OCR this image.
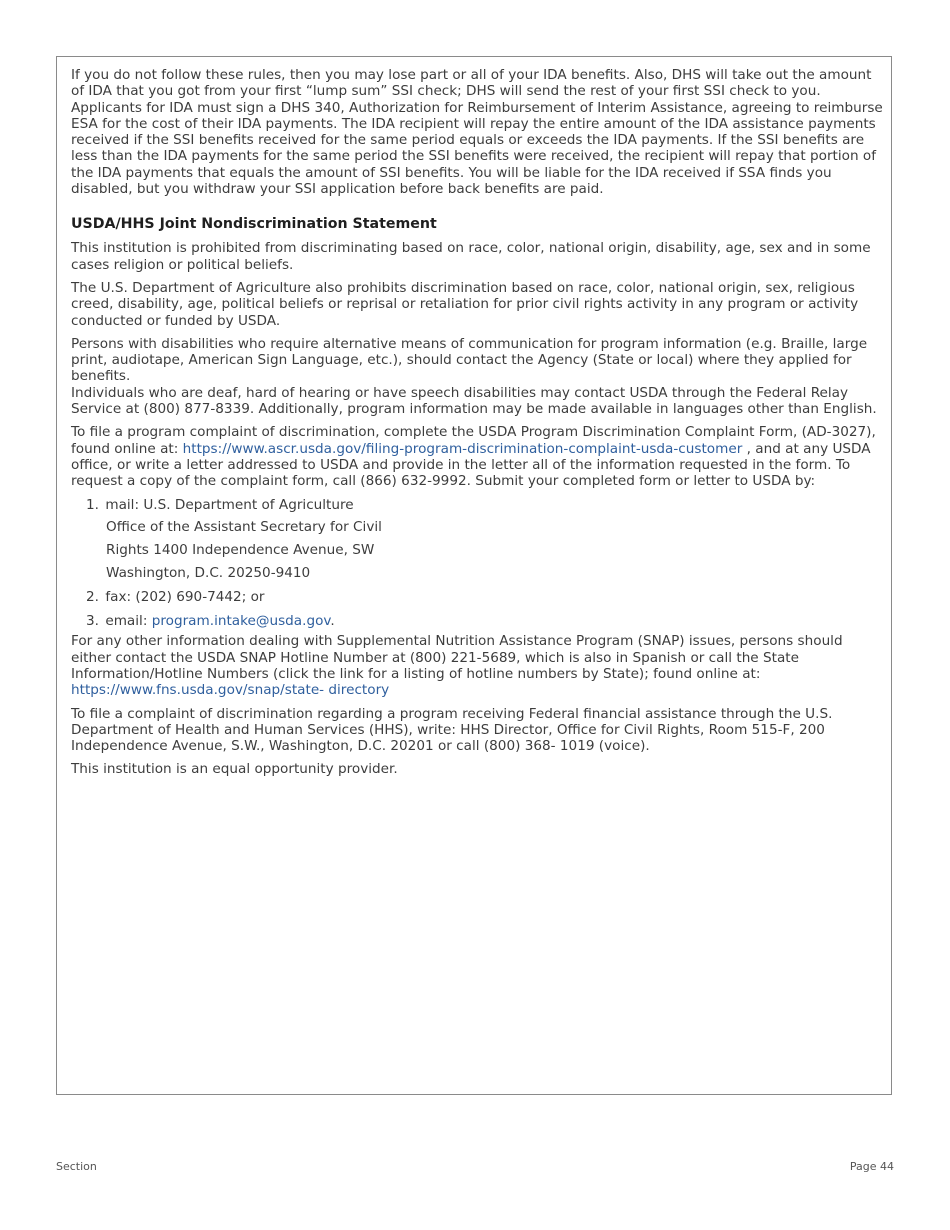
If you do not follow these rules, then you may lose part or all of your IDA benefits. Also, DHS will take out the amount of IDA that you got from your first “lump sum” SSI check; DHS will send the rest of your first SSI check to you. Applicants for IDA must sign a DHS 340, Authorization for Reimbursement of Interim Assistance, agreeing to reimburse ESA for the cost of their IDA payments. The IDA recipient will repay the entire amount of the IDA assistance payments received if the SSI benefits received for the same period equals or exceeds the IDA payments. If the SSI benefits are less than the IDA payments for the same period the SSI benefits were received, the recipient will repay that portion of the IDA payments that equals the amount of SSI benefits. You will be liable for the IDA received if SSA finds you disabled, but you withdraw your SSI application before back benefits are paid.

USDA/HHS Joint Nondiscrimination Statement

This institution is prohibited from discriminating based on race, color, national origin, disability, age, sex and in some cases religion or political beliefs.

The U.S. Department of Agriculture also prohibits discrimination based on race, color, national origin, sex, religious creed, disability, age, political beliefs or reprisal or retaliation for prior civil rights activity in any program or activity conducted or funded by USDA.

Persons with disabilities who require alternative means of communication for program information (e.g. Braille, large print, audiotape, American Sign Language, etc.), should contact the Agency (State or local) where they applied for benefits.

Individuals who are deaf, hard of hearing or have speech disabilities may contact USDA through the Federal Relay Service at (800) 877-8339. Additionally, program information may be made available in languages other than English.

To file a program complaint of discrimination, complete the USDA Program Discrimination Complaint Form, (AD-3027), found online at: https://www.ascr.usda.gov/filing-program-discrimination-complaint-usda-customer , and at any USDA office, or write a letter addressed to USDA and provide in the letter all of the information requested in the form. To request a copy of the complaint form, call (866) 632-9992. Submit your completed form or letter to USDA by:

1. mail: U.S. Department of Agriculture
Office of the Assistant Secretary for Civil
Rights 1400 Independence Avenue, SW
Washington, D.C. 20250-9410
2. fax: (202) 690-7442; or
3. email: program.intake@usda.gov.

For any other information dealing with Supplemental Nutrition Assistance Program (SNAP) issues, persons should either contact the USDA SNAP Hotline Number at (800) 221-5689, which is also in Spanish or call the State Information/Hotline Numbers (click the link for a listing of hotline numbers by State); found online at:
https://www.fns.usda.gov/snap/state- directory

To file a complaint of discrimination regarding a program receiving Federal financial assistance through the U.S. Department of Health and Human Services (HHS), write: HHS Director, Office for Civil Rights, Room 515-F, 200 Independence Avenue, S.W., Washington, D.C. 20201 or call (800) 368- 1019 (voice).

This institution is an equal opportunity provider.

Section	Page 44
